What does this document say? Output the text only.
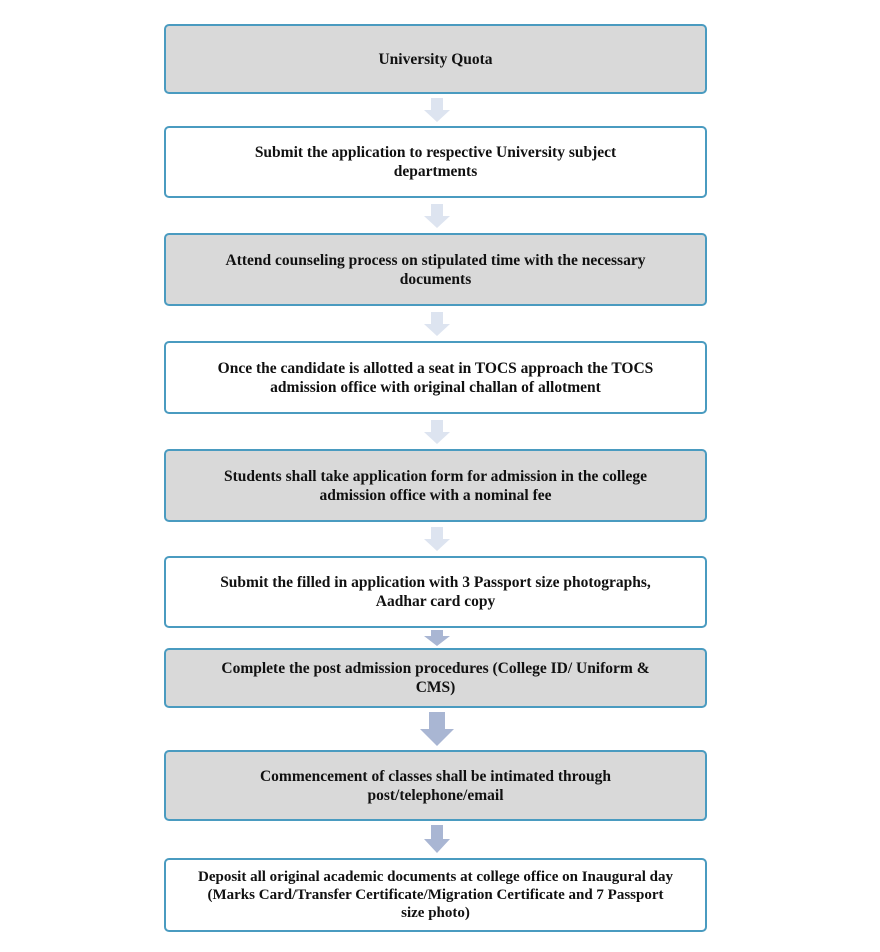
University Quota
Submit the application to respective University subject
departments
Attend counseling process on stipulated time with the necessary
documents
Once the candidate is allotted a seat in TOCS approach the TOCS
admission office with original challan of allotment
Students shall take application form for admission in the college
admission office with a nominal fee
Submit the filled in application with 3 Passport size photographs,
Aadhar card copy
Complete the post admission procedures (College ID/ Uniform &
CMS)
Commencement of classes shall be intimated through
post/telephone/email
Deposit all original academic documents at college office on Inaugural day
(Marks Card/Transfer Certificate/Migration Certificate and 7 Passport
size photo)
